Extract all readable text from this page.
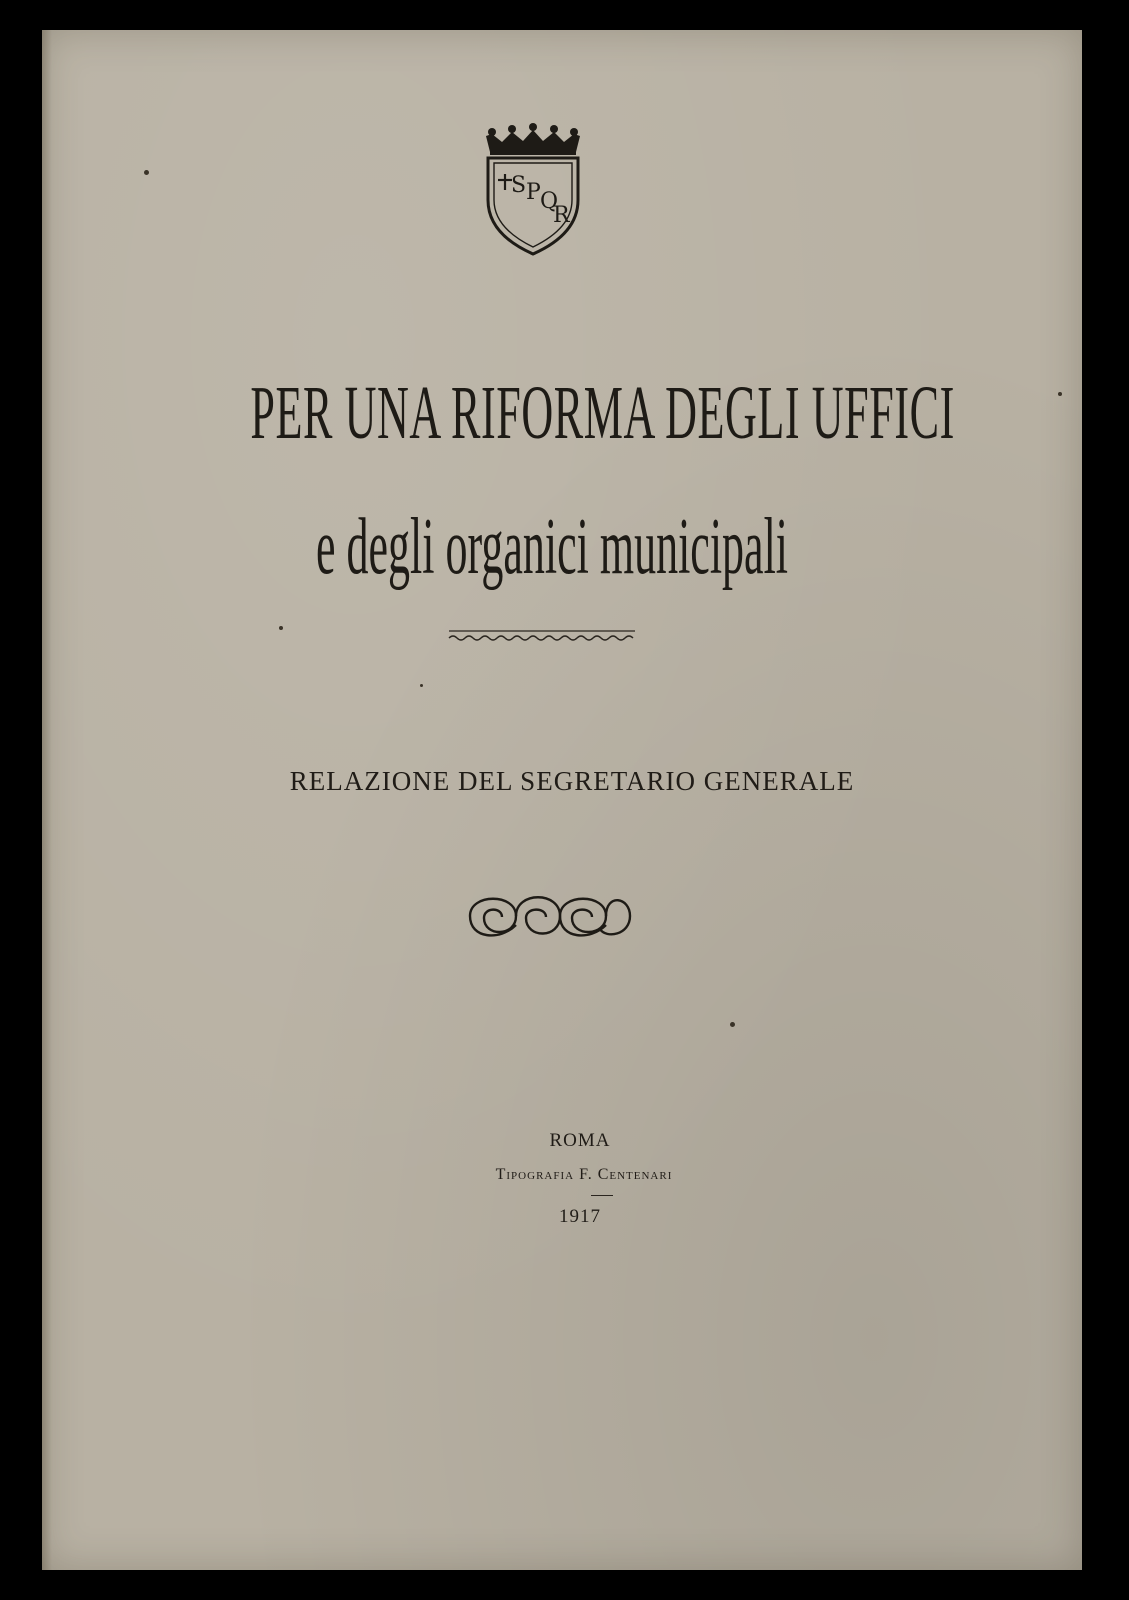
S P Q
R
PER UNA RIFORMA DEGLI UFFICI
e degli organici municipali
RELAZIONE DEL SEGRETARIO GENERALE
ROMA
Tipografia F. Centenari
1917
